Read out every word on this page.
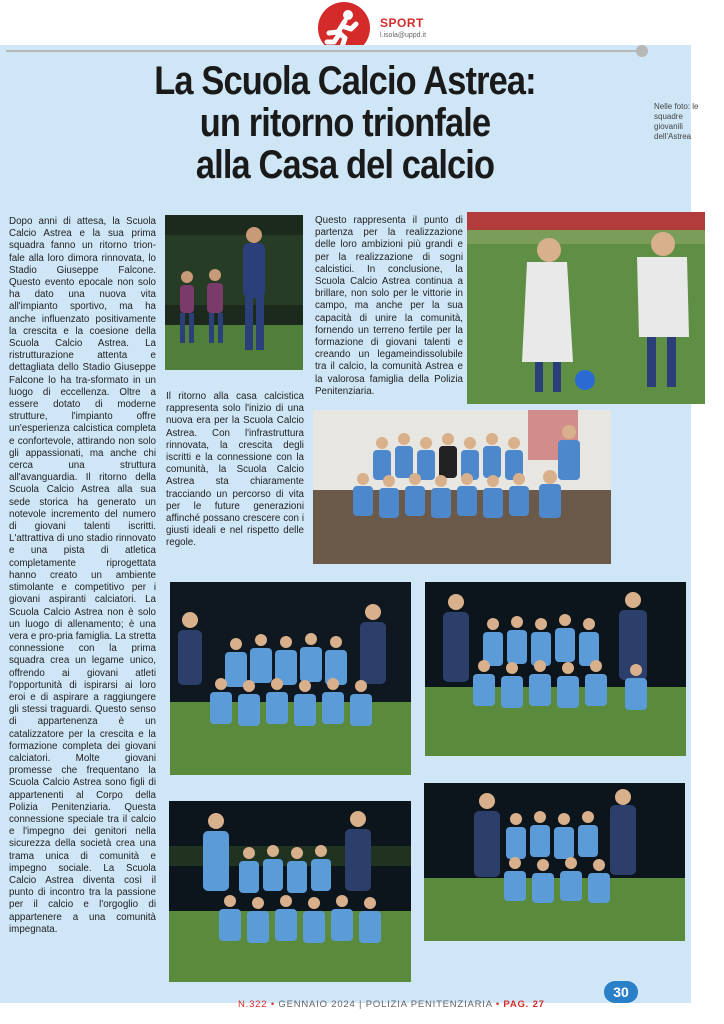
SPORT
l.isola@uppd.it
La Scuola Calcio Astrea:
un ritorno trionfale
alla Casa del calcio
Nelle foto: le squadre giovanili dell'Astrea
Dopo anni di attesa, la Scuola Calcio Astrea e la sua prima squadra fanno un ritorno trion-fale alla loro dimora rinnovata, lo Stadio Giuseppe Falcone. Questo evento epocale non solo ha dato una nuova vita all'impianto sportivo, ma ha anche influenzato positivamente la crescita e la coesione della Scuola Calcio Astrea. La ristrutturazione attenta e dettagliata dello Stadio Giuseppe Falcone lo ha tra-sformato in un luogo di eccellenza. Oltre a essere dotato di moderne strutture, l'impianto offre un'esperienza calcistica completa e confortevole, attirando non solo gli appassionati, ma anche chi cerca una struttura all'avanguardia. Il ritorno della Scuola Calcio Astrea alla sua sede storica ha generato un notevole incremento del numero di giovani talenti iscritti. L'attrattiva di uno stadio rinnovato e una pista di atletica completamente riprogettata hanno creato un ambiente stimolante e competitivo per i giovani aspiranti calciatori. La Scuola Calcio Astrea non è solo un luogo di allenamento; è una vera e pro-pria famiglia. La stretta connessione con la prima squadra crea un legame unico, offrendo ai giovani atleti l'opportunità di ispirarsi ai loro eroi e di aspirare a raggiungere gli stessi traguardi. Questo senso di appartenenza è un catalizzatore per la crescita e la formazione completa dei giovani calciatori. Molte giovani promesse che frequentano la Scuola Calcio Astrea sono figli di appartenenti al Corpo della Polizia Penitenziaria. Questa connessione speciale tra il calcio e l'impegno dei genitori nella sicurezza della società crea una trama unica di comunità e impegno sociale. La Scuola Calcio Astrea diventa così il punto di incontro tra la passione per il calcio e l'orgoglio di appartenere a una comunità impegnata.
Il ritorno alla casa calcistica rappresenta solo l'inizio di una nuova era per la Scuola Calcio Astrea. Con l'infrastruttura rinnovata, la crescita degli iscritti e la connessione con la comunità, la Scuola Calcio Astrea sta chiaramente tracciando un percorso di vita per le future generazioni affinché possano crescere con i giusti ideali e nel rispetto delle regole.
Questo rappresenta il punto di partenza per la realizzazione delle loro ambizioni più grandi e per la realizzazione di sogni calcistici. In conclusione, la Scuola Calcio Astrea continua a brillare, non solo per le vittorie in campo, ma anche per la sua capacità di unire la comunità, fornendo un terreno fertile per la formazione di giovani talenti e creando un legameindissolubile tra il calcio, la comunità Astrea e la valorosa famiglia della Polizia Penitenziaria.
N.322 • GENNAIO 2024 | POLIZIA PENITENZIARIA • PAG. 27
30
